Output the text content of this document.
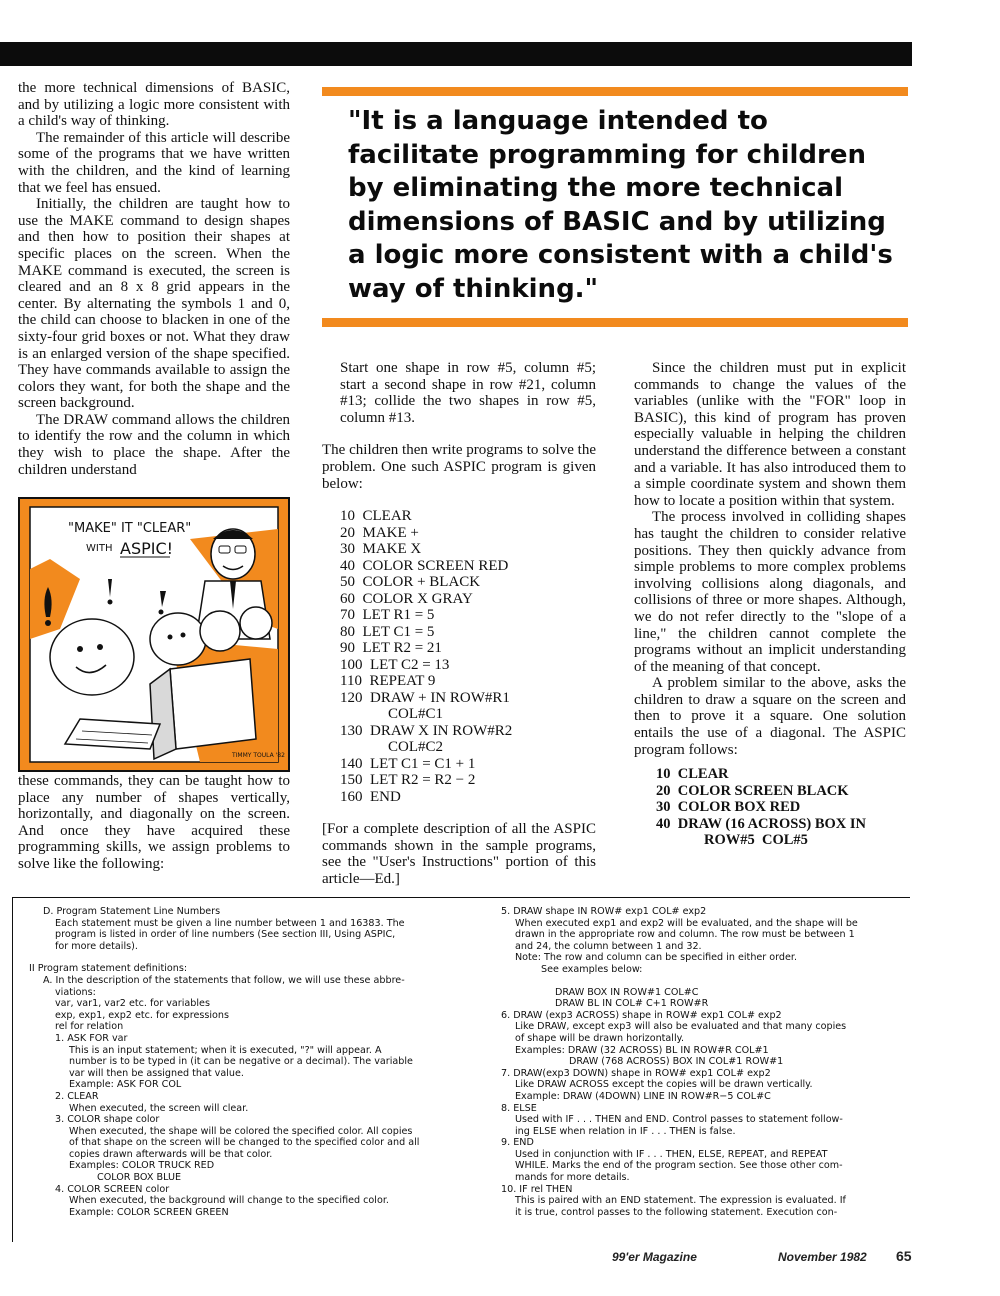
the more technical dimensions of BASIC, and by utilizing a logic more consistent with a child's way of thinking.

The remainder of this article will describe some of the programs that we have written with the children, and the kind of learning that we feel has ensued.

Initially, the children are taught how to use the MAKE command to design shapes and then how to position their shapes at specific places on the screen. When the MAKE command is executed, the screen is cleared and an 8 x 8 grid appears in the center. By alternating the symbols 1 and 0, the child can choose to blacken in one of the sixty-four grid boxes or not. What they draw is an enlarged version of the shape specified. They have commands available to assign the colors they want, for both the shape and the screen background.

The DRAW command allows the children to identify the row and the column in which they wish to place the shape. After the children understand

"MAKE" IT "CLEAR"
WITH ASPIC!
TIMMY TOULA '82

these commands, they can be taught how to place any number of shapes vertically, horizontally, and diagonally on the screen. And once they have acquired these programming skills, we assign problems to solve like the following:

"It is a language intended to facilitate programming for children by eliminating the more technical dimensions of BASIC and by utilizing a logic more consistent with a child's way of thinking."

Start one shape in row #5, column #5; start a second shape in row #21, column #13; collide the two shapes in row #5, column #13.

The children then write programs to solve the problem. One such ASPIC program is given below:

10  CLEAR
20  MAKE +
30  MAKE X
40  COLOR SCREEN RED
50  COLOR + BLACK
60  COLOR X GRAY
70  LET R1 = 5
80  LET C1 = 5
90  LET R2 = 21
100  LET C2 = 13
110  REPEAT 9
120  DRAW + IN ROW#R1
COL#C1
130  DRAW X IN ROW#R2
COL#C2
140  LET C1 = C1 + 1
150  LET R2 = R2 − 2
160  END

[For a complete description of all the ASPIC commands shown in the sample programs, see the "User's Instructions" portion of this article—Ed.]

Since the children must put in explicit commands to change the values of the variables (unlike with the "FOR" loop in BASIC), this kind of program has proven especially valuable in helping the children understand the difference between a constant and a variable. It has also introduced them to a simple coordinate system and shown them how to locate a position within that system.

The process involved in colliding shapes has taught the children to consider relative positions. They then quickly advance from simple problems to more complex problems involving collisions along diagonals, and collisions of three or more shapes. Although, we do not refer directly to the "slope of a line," the children cannot complete the programs without an implicit understanding of the meaning of that concept.

A problem similar to the above, asks the children to draw a square on the screen and then to prove it a square. One solution entails the use of a diagonal. The ASPIC program follows:

10  CLEAR
20  COLOR SCREEN BLACK
30  COLOR BOX RED
40  DRAW (16 ACROSS) BOX IN
ROW#5  COL#5
D. Program Statement Line Numbers
Each statement must be given a line number between 1 and 16383. The
program is listed in order of line numbers (See section III, Using ASPIC,
for more details).
II Program statement definitions:
A. In the description of the statements that follow, we will use these abbre-
viations:
var, var1, var2 etc. for variables
exp, exp1, exp2 etc. for expressions
rel for relation
1. ASK FOR var
This is an input statement; when it is executed, "?" will appear. A
number is to be typed in (it can be negative or a decimal). The variable
var will then be assigned that value.
Example: ASK FOR COL
2. CLEAR
When executed, the screen will clear.
3. COLOR shape color
When executed, the shape will be colored the specified color. All copies
of that shape on the screen will be changed to the specified color and all
copies drawn afterwards will be that color.
Examples: COLOR TRUCK RED
COLOR BOX BLUE
4. COLOR SCREEN color
When executed, the background will change to the specified color.
Example: COLOR SCREEN GREEN
5. DRAW shape IN ROW# exp1 COL# exp2
When executed exp1 and exp2 will be evaluated, and the shape will be
drawn in the appropriate row and column. The row must be between 1
and 24, the column between 1 and 32.
Note: The row and column can be specified in either order.
See examples below:
DRAW BOX IN ROW#1 COL#C
DRAW BL IN COL# C+1 ROW#R
6. DRAW (exp3 ACROSS) shape in ROW# exp1 COL# exp2
Like DRAW, except exp3 will also be evaluated and that many copies
of shape will be drawn horizontally.
Examples: DRAW (32 ACROSS) BL IN ROW#R COL#1
DRAW (768 ACROSS) BOX IN COL#1 ROW#1
7. DRAW(exp3 DOWN) shape in ROW# exp1 COL# exp2
Like DRAW ACROSS except the copies will be drawn vertically.
Example: DRAW (4DOWN) LINE IN ROW#R−5 COL#C
8. ELSE
Used with IF . . . THEN and END. Control passes to statement follow-
ing ELSE when relation in IF . . . THEN is false.
9. END
Used in conjunction with IF . . . THEN, ELSE, REPEAT, and REPEAT
WHILE. Marks the end of the program section. See those other com-
mands for more details.
10. IF rel THEN
This is paired with an END statement. The expression is evaluated. If
it is true, control passes to the following statement. Execution con-
99'er Magazine	November 1982 65
